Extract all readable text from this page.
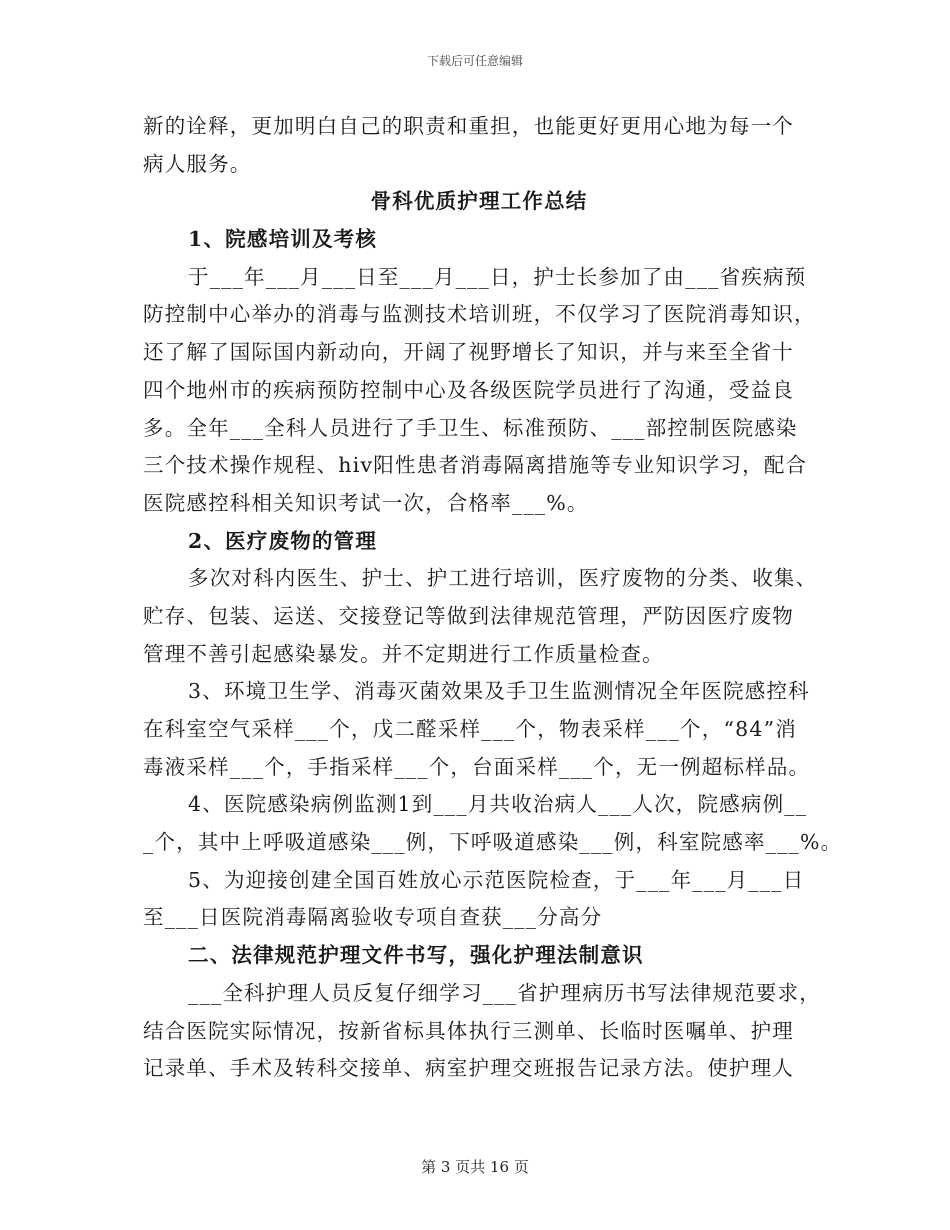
下载后可任意编辑
新的诠释，更加明白自己的职责和重担，也能更好更用心地为每一个
病人服务。
骨科优质护理工作总结
1、院感培训及考核
于___年___月___日至___月___日，护士长参加了由___省疾病预
防控制中心举办的消毒与监测技术培训班，不仅学习了医院消毒知识，
还了解了国际国内新动向，开阔了视野增长了知识，并与来至全省十
四个地州市的疾病预防控制中心及各级医院学员进行了沟通，受益良
多。全年___全科人员进行了手卫生、标准预防、___部控制医院感染
三个技术操作规程、hiv阳性患者消毒隔离措施等专业知识学习，配合
医院感控科相关知识考试一次，合格率___%。
2、医疗废物的管理
多次对科内医生、护士、护工进行培训，医疗废物的分类、收集、
贮存、包装、运送、交接登记等做到法律规范管理，严防因医疗废物
管理不善引起感染暴发。并不定期进行工作质量检查。
3、环境卫生学、消毒灭菌效果及手卫生监测情况全年医院感控科
在科室空气采样___个，戊二醛采样___个，物表采样___个，“84”消
毒液采样___个，手指采样___个，台面采样___个，无一例超标样品。
4、医院感染病例监测1到___月共收治病人___人次，院感病例__
_个，其中上呼吸道感染___例，下呼吸道感染___例，科室院感率___%。
5、为迎接创建全国百姓放心示范医院检查，于___年___月___日
至___日医院消毒隔离验收专项自查获___分高分
二、法律规范护理文件书写，强化护理法制意识
___全科护理人员反复仔细学习___省护理病历书写法律规范要求，
结合医院实际情况，按新省标具体执行三测单、长临时医嘱单、护理
记录单、手术及转科交接单、病室护理交班报告记录方法。使护理人
第 3 页共 16 页
